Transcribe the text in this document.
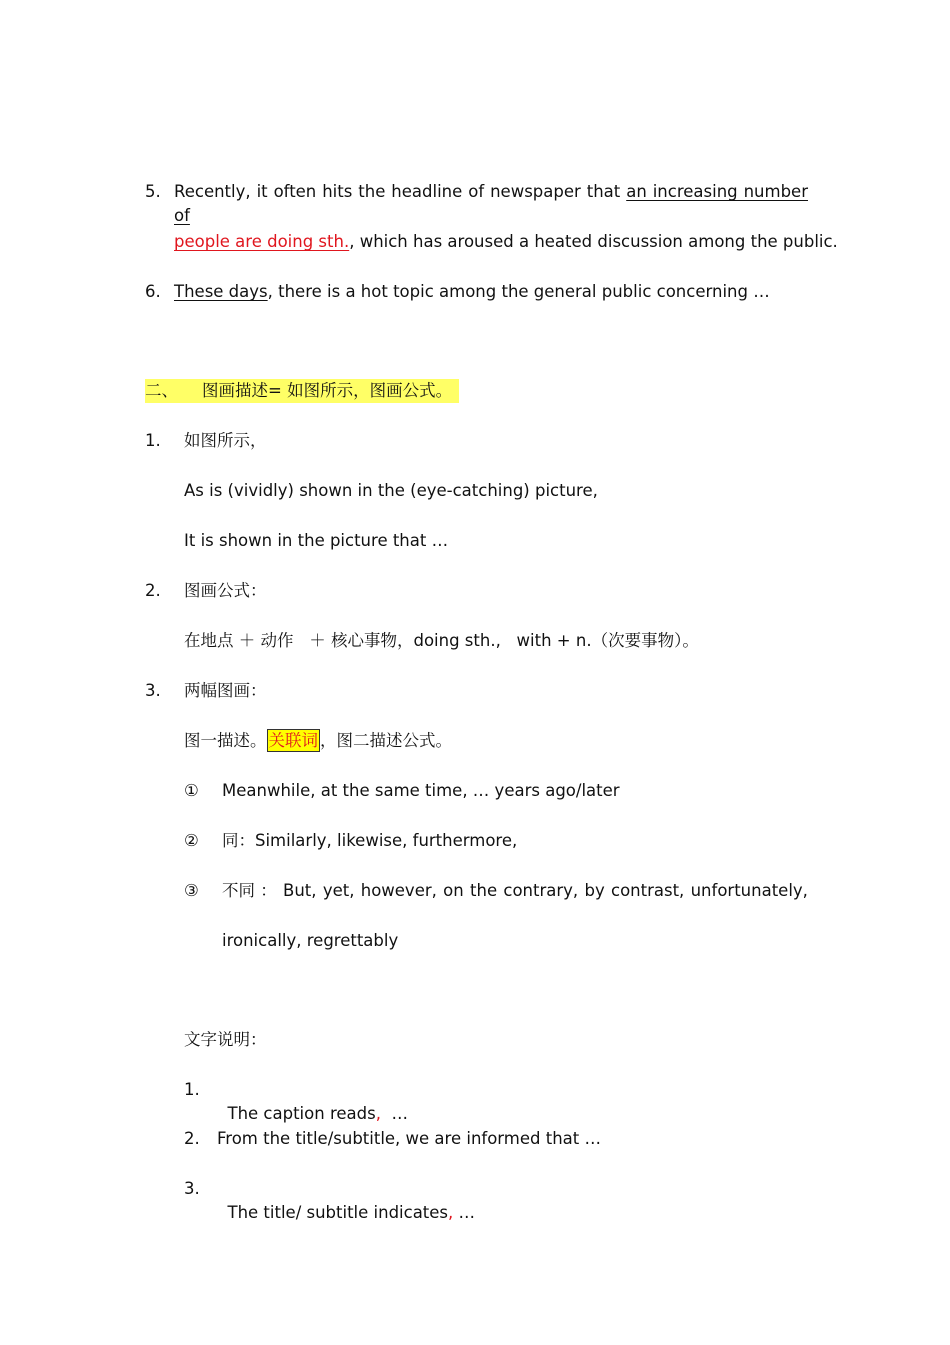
5. Recently, it often hits the headline of newspaper that an increasing number of
people are doing sth., which has aroused a heated discussion among the public.
6. These days, there is a hot topic among the general public concerning …
二、 图画描述= 如图所示，图画公式。
1. 如图所示，
As is (vividly) shown in the (eye-catching) picture,
It is shown in the picture that …
2. 图画公式：
在地点 ＋ 动作   ＋ 核心事物，doing sth.,   with + n.（次要事物）。
3. 两幅图画：
图一描述。 关联词 ，图二描述公式。
① Meanwhile, at the same time, … years ago/later
② 同：Similarly, likewise, furthermore,
③ 不同 ： But, yet, however, on the contrary, by contrast, unfortunately,
ironically, regrettably
文字说明：
1.

The caption reads,  …

2. From the title/subtitle, we are informed that …
3.

The title/ subtitle indicates, …
